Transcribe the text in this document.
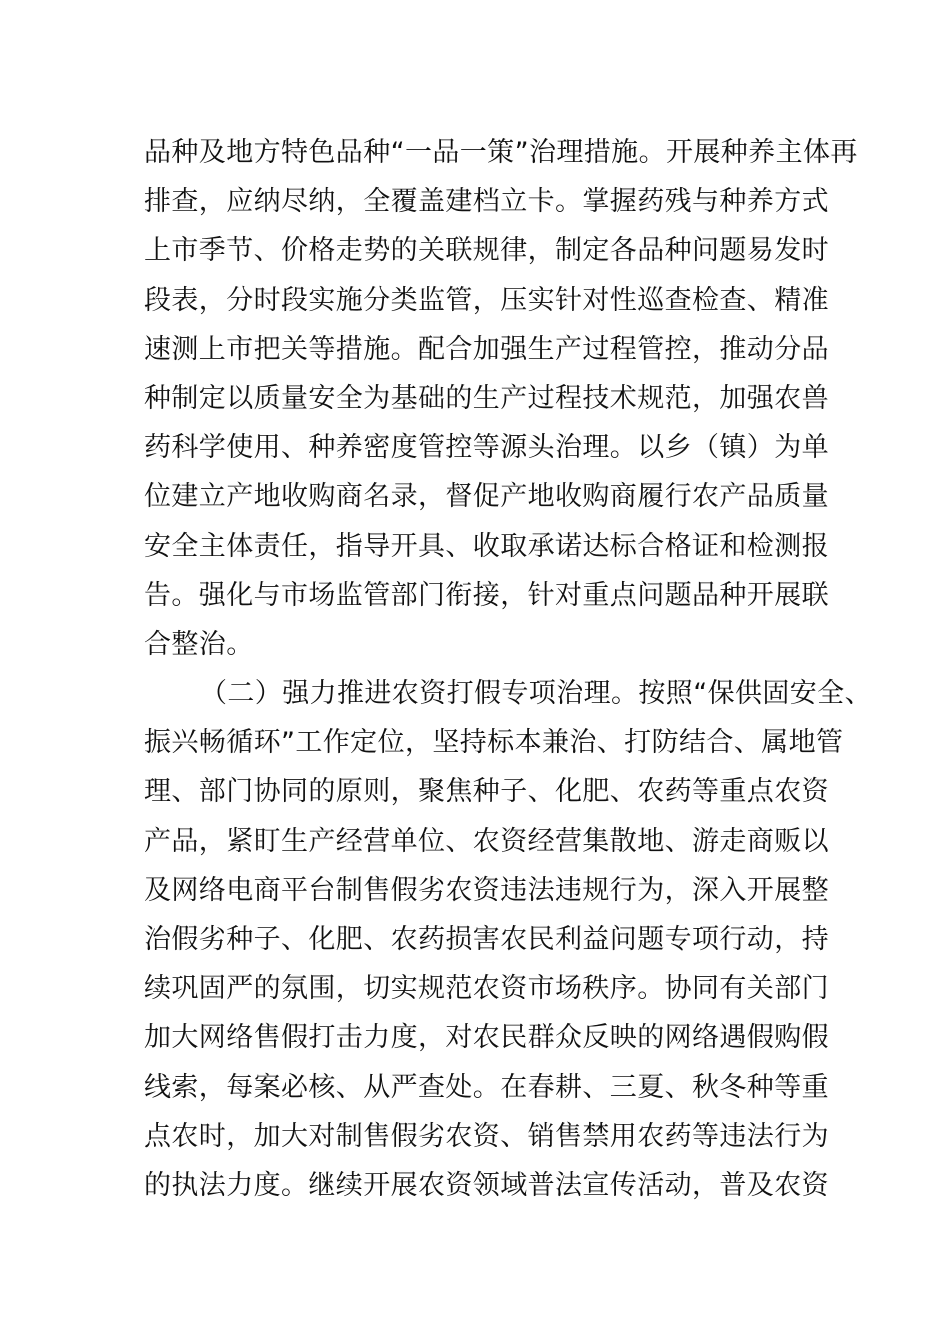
品种及地方特色品种“一品一策”治理措施。开展种养主体再
排查，应纳尽纳，全覆盖建档立卡。掌握药残与种养方式
上市季节、价格走势的关联规律，制定各品种问题易发时
段表，分时段实施分类监管，压实针对性巡查检查、精准
速测上市把关等措施。配合加强生产过程管控，推动分品
种制定以质量安全为基础的生产过程技术规范，加强农兽
药科学使用、种养密度管控等源头治理。以乡（镇）为单
位建立产地收购商名录，督促产地收购商履行农产品质量
安全主体责任，指导开具、收取承诺达标合格证和检测报
告。强化与市场监管部门衔接，针对重点问题品种开展联
合整治。
（二）强力推进农资打假专项治理。按照“保供固安全、
振兴畅循环”工作定位，坚持标本兼治、打防结合、属地管
理、部门协同的原则，聚焦种子、化肥、农药等重点农资
产品，紧盯生产经营单位、农资经营集散地、游走商贩以
及网络电商平台制售假劣农资违法违规行为，深入开展整
治假劣种子、化肥、农药损害农民利益问题专项行动，持
续巩固严的氛围，切实规范农资市场秩序。协同有关部门
加大网络售假打击力度，对农民群众反映的网络遇假购假
线索，每案必核、从严查处。在春耕、三夏、秋冬种等重
点农时，加大对制售假劣农资、销售禁用农药等违法行为
的执法力度。继续开展农资领域普法宣传活动，普及农资
